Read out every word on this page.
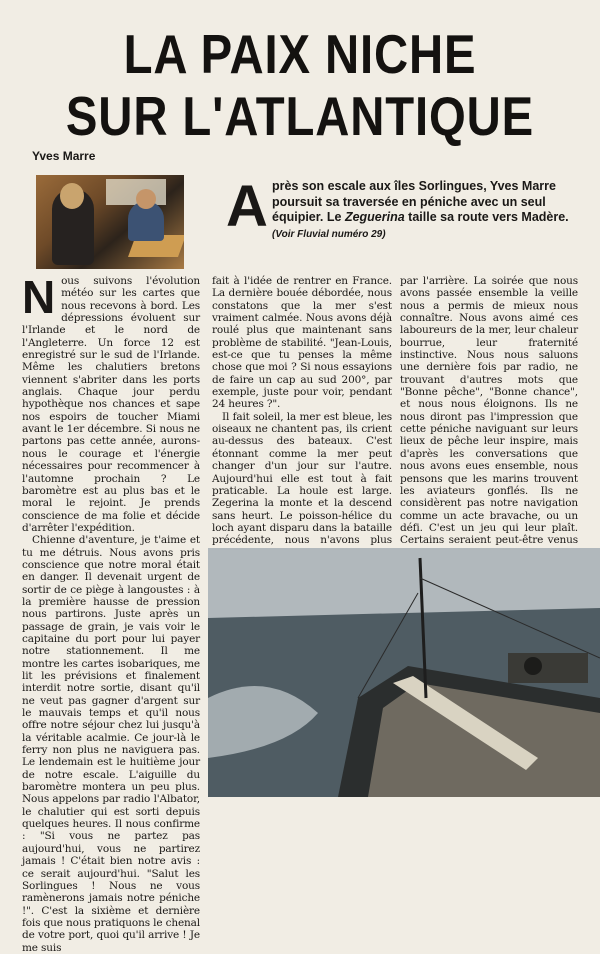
LA PAIX NICHE
SUR L'ATLANTIQUE
Yves Marre
A près son escale aux îles Sorlingues, Yves Marre poursuit sa traversée en péniche avec un seul équipier. Le Zeguerina taille sa route vers Madère. (Voir Fluvial numéro 29)

N ous suivons l'évolution météo sur les cartes que nous recevons à bord. Les dépressions évoluent sur l'Irlande et le nord de l'Angleterre. Un force 12 est enregistré sur le sud de l'Irlande. Même les chalutiers bretons viennent s'abriter dans les ports anglais. Chaque jour perdu hypothèque nos chances et sape nos espoirs de toucher Miami avant le 1er décembre. Si nous ne partons pas cette année, aurons-nous le courage et l'énergie nécessaires pour recommencer à l'automne prochain ? Le baromètre est au plus bas et le moral le rejoint. Je prends conscience de ma folie et décide d'arrêter l'expédition.

Chienne d'aventure, je t'aime et tu me détruis. Nous avons pris conscience que notre moral était en danger. Il devenait urgent de sortir de ce piège à langoustes : à la première hausse de pression nous partirons. Juste après un passage de grain, je vais voir le capitaine du port pour lui payer notre stationnement. Il me montre les cartes isobariques, me lit les prévisions et finalement interdit notre sortie, disant qu'il ne veut pas gagner d'argent sur le mauvais temps et qu'il nous offre notre séjour chez lui jusqu'à la véritable acalmie. Ce jour-là le ferry non plus ne naviguera pas. Le lendemain est le huitième jour de notre escale. L'aiguille du baromètre montera un peu plus. Nous appelons par radio l'Albator, le chalutier qui est sorti depuis quelques heures. Il nous confirme : "Si vous ne partez pas aujourd'hui, vous ne partirez jamais ! C'était bien notre avis : ce serait aujourd'hui. "Salut les Sorlingues ! Nous ne vous ramènerons jamais notre péniche !". C'est la sixième et dernière fois que nous pratiquons le chenal de votre port, quoi qu'il arrive ! Je me suis

fait à l'idée de rentrer en France. La dernière bouée débordée, nous constatons que la mer s'est vraiment calmée. Nous avons déjà roulé plus que maintenant sans problème de stabilité. "Jean-Louis, est-ce que tu penses la même chose que moi ? Si nous essayions de faire un cap au sud 200°, par exemple, juste pour voir, pendant 24 heures ?".

Il fait soleil, la mer est bleue, les oiseaux ne chantent pas, ils crient au-dessus des bateaux. C'est étonnant comme la mer peut changer d'un jour sur l'autre. Aujourd'hui elle est tout à fait praticable. La houle est large. Zegerina la monte et la descend sans heurt. Le poisson-hélice du loch ayant disparu dans la bataille précédente, nous n'avons plus

par l'arrière. La soirée que nous avons passée ensemble la veille nous a permis de mieux nous connaître. Nous avons aimé ces laboureurs de la mer, leur chaleur bourrue, leur fraternité instinctive. Nous nous saluons une dernière fois par radio, ne trouvant d'autres mots que "Bonne pêche", "Bonne chance", et nous nous éloignons. Ils ne nous diront pas l'impression que cette péniche naviguant sur leurs lieux de pêche leur inspire, mais d'après les conversations que nous avons eues ensemble, nous pensons que les marins trouvent les aviateurs gonflés. Ils ne considèrent pas notre navigation comme un acte bravache, ou un défi. C'est un jeu qui leur plaît. Certains seraient peut-être venus
